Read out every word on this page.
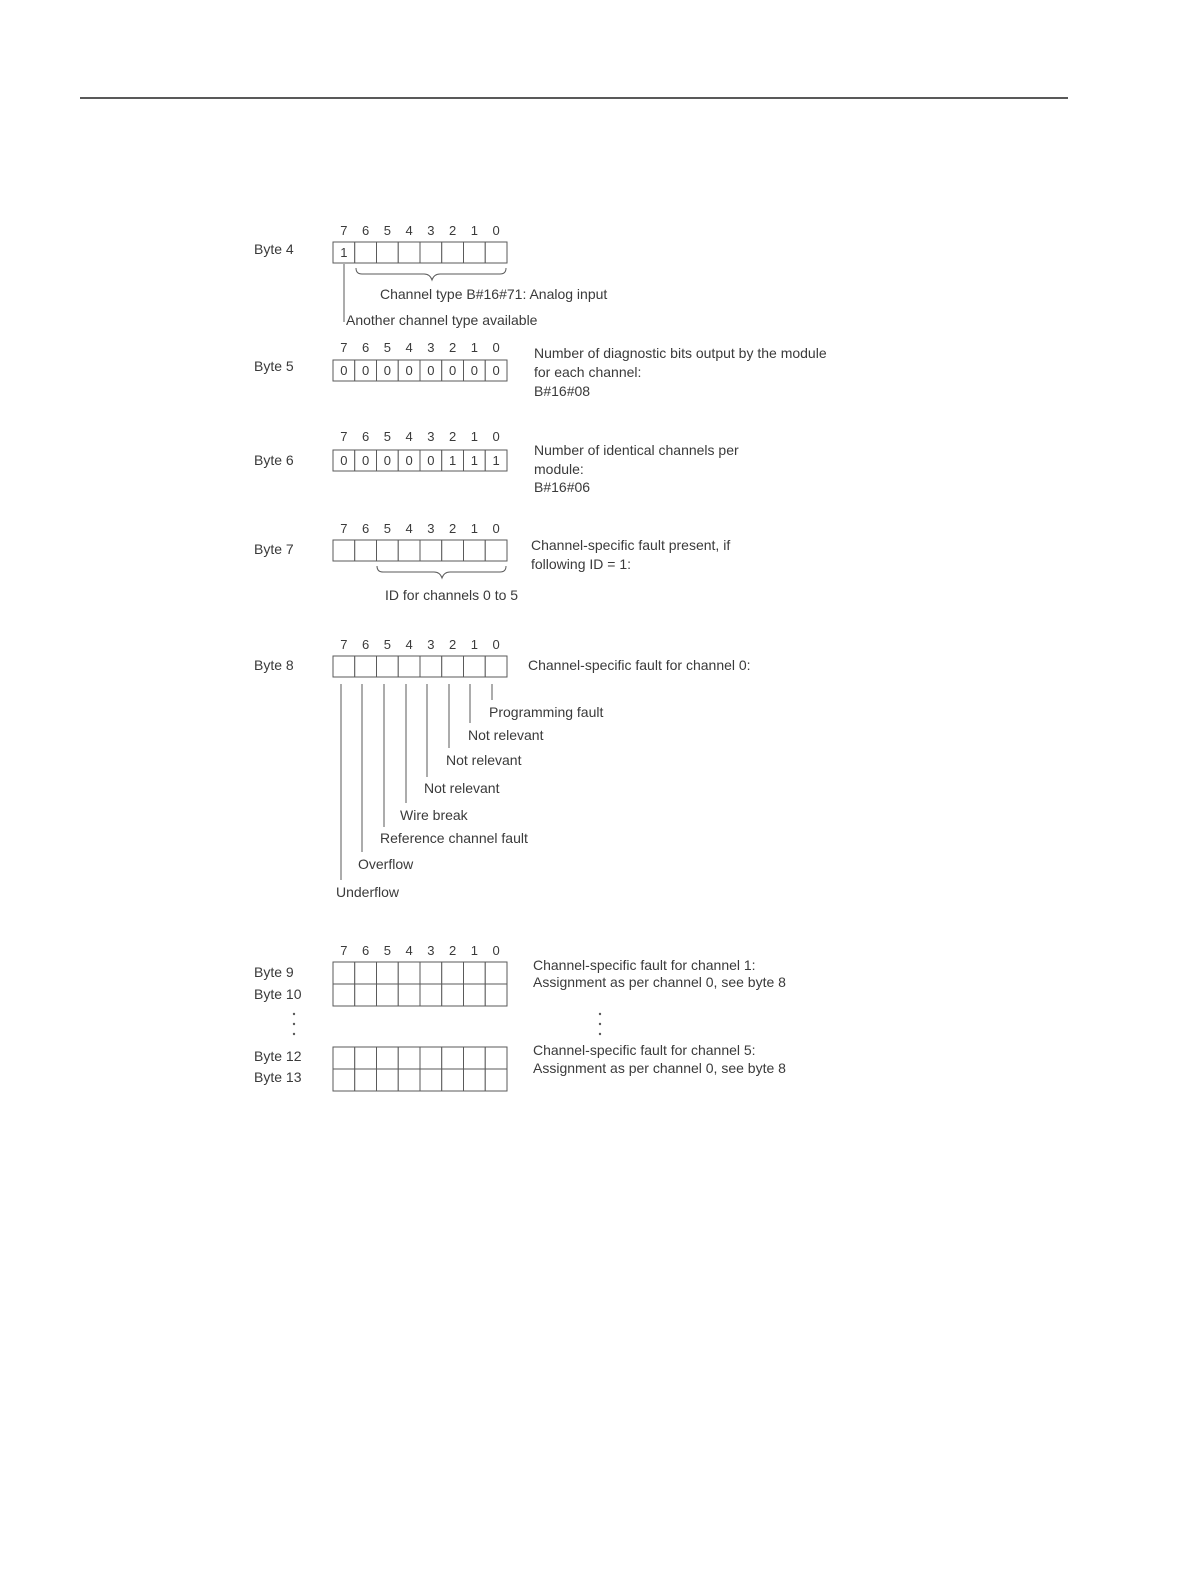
Byte 4
7 6 5 4 3 2 1 0
1
Channel type B#16#71: Analog input
Another channel type available
Byte 5
7 6 5 4 3 2 1 0
0 0 0 0 0 0 0 0
Number of diagnostic bits output by the module
for each channel:
B#16#08
Byte 6
7 6 5 4 3 2 1 0
0 0 0 0 0 1 1 1
Number of identical channels per
module:
B#16#06
Byte 7
7 6 5 4 3 2 1 0
Channel-specific fault present, if
following ID = 1:
ID for channels 0 to 5
Byte 8
7 6 5 4 3 2 1 0
Channel-specific fault for channel 0:
Underflow
Overflow
Reference channel fault
Wire break
Not relevant
Not relevant
Not relevant
Programming fault
Byte 9
Byte 10
7 6 5 4 3 2 1 0
Channel-specific fault for channel 1:
Assignment as per channel 0, see byte 8
Byte 12
Byte 13
Channel-specific fault for channel 5:
Assignment as per channel 0, see byte 8
